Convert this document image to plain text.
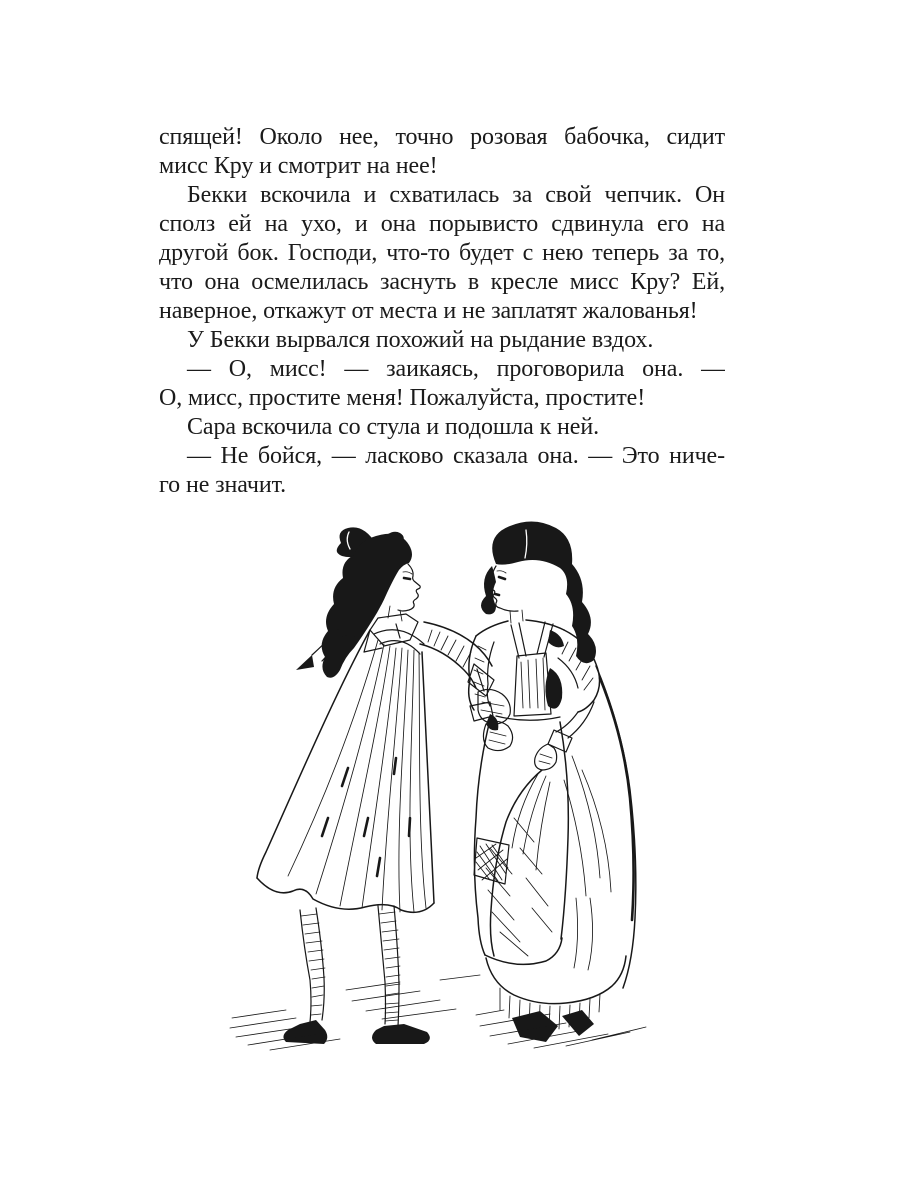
спящей! Около нее, точно розовая бабочка, сидит
мисс Кру и смотрит на нее!
Бекки вскочила и схватилась за свой чепчик. Он
сполз ей на ухо, и она порывисто сдвинула его на
другой бок. Господи, что-то будет с нею теперь за то,
что она осмелилась заснуть в кресле мисс Кру? Ей,
наверное, откажут от места и не заплатят жалованья!
У Бекки вырвался похожий на рыдание вздох.
— О, мисс! — заикаясь, проговорила она. —
О, мисс, простите меня! Пожалуйста, простите!
Сара вскочила со стула и подошла к ней.
— Не бойся, — ласково сказала она. — Это ниче-
го не значит.
